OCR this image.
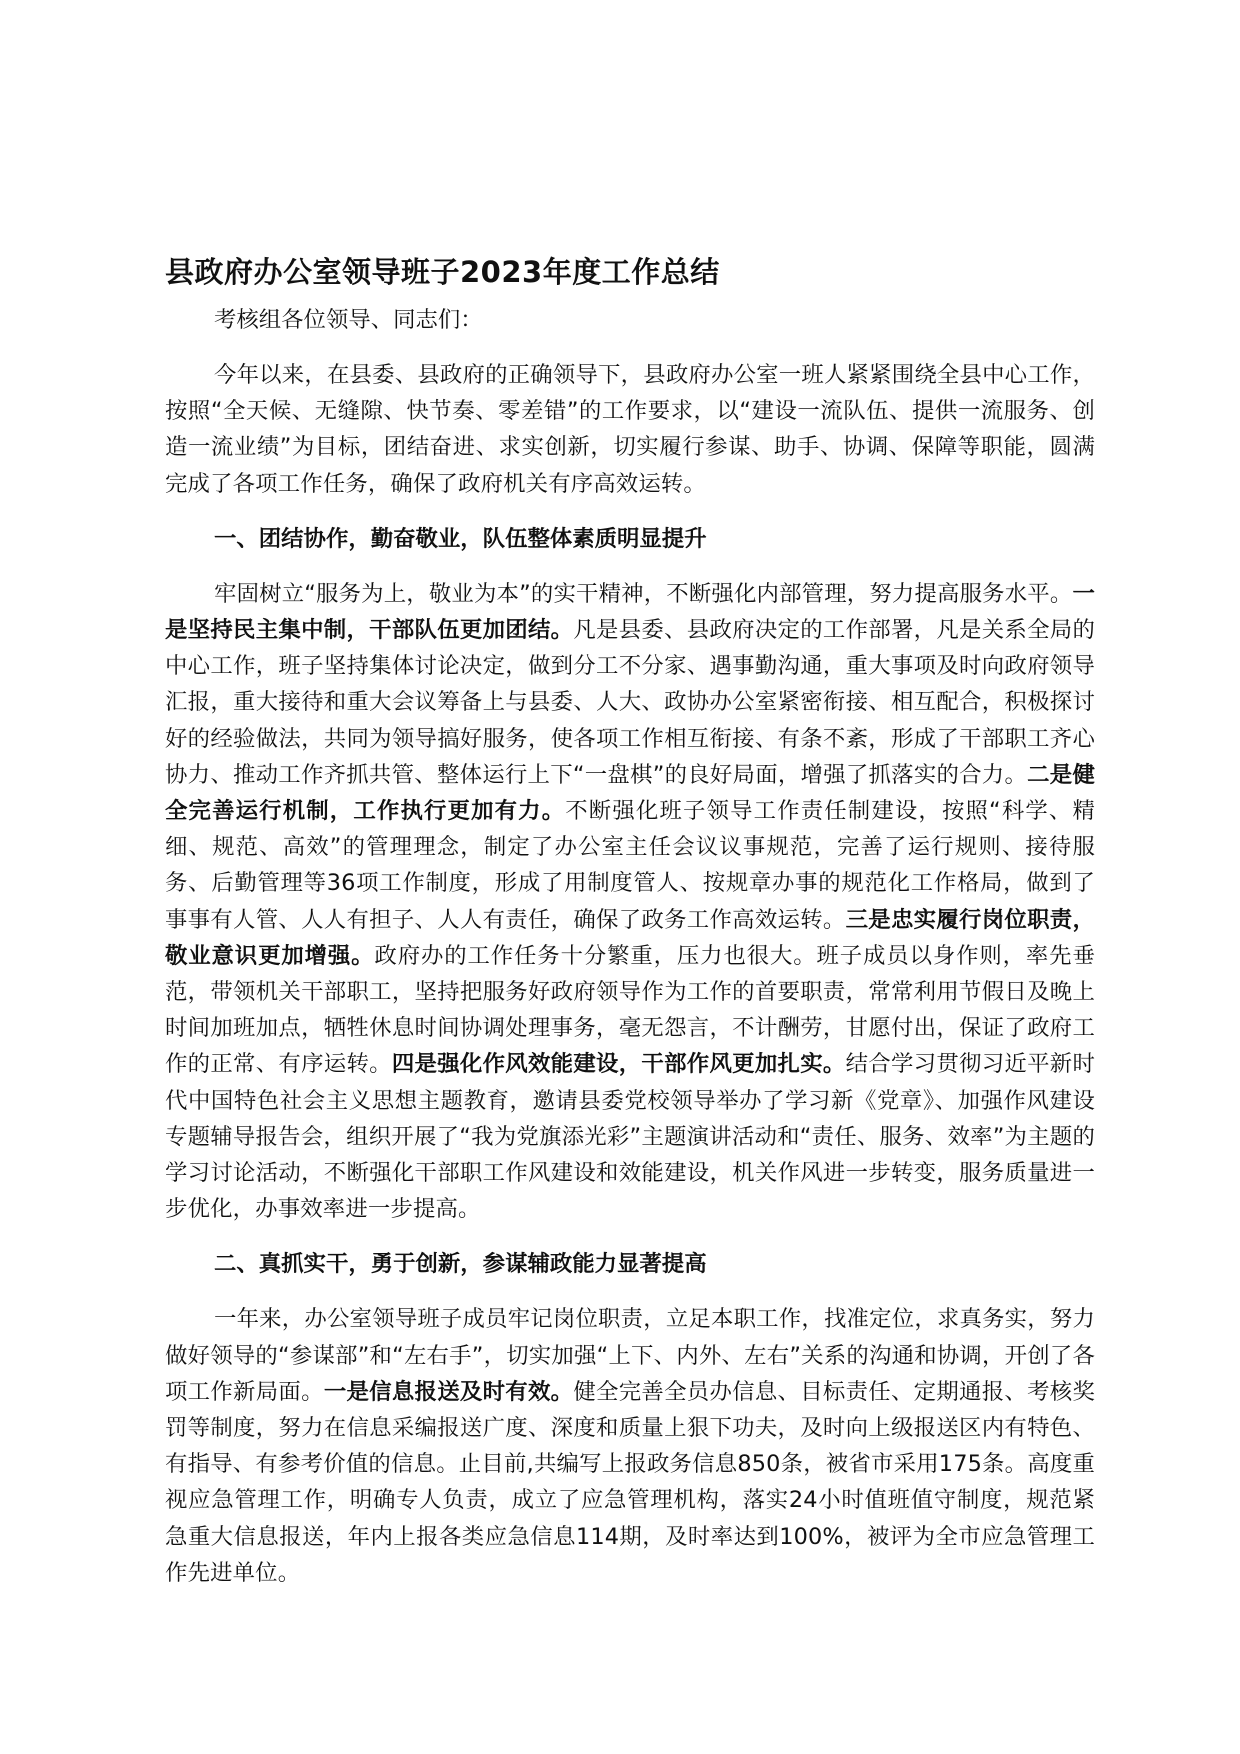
县政府办公室领导班子2023年度工作总结
考核组各位领导、同志们：

今年以来，在县委、县政府的正确领导下，县政府办公室一班人紧紧围绕全县中心工作，按照“全天候、无缝隙、快节奏、零差错”的工作要求，以“建设一流队伍、提供一流服务、创造一流业绩”为目标，团结奋进、求实创新，切实履行参谋、助手、协调、保障等职能，圆满完成了各项工作任务，确保了政府机关有序高效运转。

一、团结协作，勤奋敬业，队伍整体素质明显提升

牢固树立“服务为上，敬业为本”的实干精神，不断强化内部管理，努力提高服务水平。一是坚持民主集中制，干部队伍更加团结。凡是县委、县政府决定的工作部署，凡是关系全局的中心工作，班子坚持集体讨论决定，做到分工不分家、遇事勤沟通，重大事项及时向政府领导汇报，重大接待和重大会议筹备上与县委、人大、政协办公室紧密衔接、相互配合，积极探讨好的经验做法，共同为领导搞好服务，使各项工作相互衔接、有条不紊，形成了干部职工齐心协力、推动工作齐抓共管、整体运行上下“一盘棋”的良好局面，增强了抓落实的合力。二是健全完善运行机制，工作执行更加有力。不断强化班子领导工作责任制建设，按照“科学、精细、规范、高效”的管理理念，制定了办公室主任会议议事规范，完善了运行规则、接待服务、后勤管理等36项工作制度，形成了用制度管人、按规章办事的规范化工作格局，做到了事事有人管、人人有担子、人人有责任，确保了政务工作高效运转。三是忠实履行岗位职责，敬业意识更加增强。政府办的工作任务十分繁重，压力也很大。班子成员以身作则，率先垂范，带领机关干部职工，坚持把服务好政府领导作为工作的首要职责，常常利用节假日及晚上时间加班加点，牺牲休息时间协调处理事务，毫无怨言，不计酬劳，甘愿付出，保证了政府工作的正常、有序运转。四是强化作风效能建设，干部作风更加扎实。结合学习贯彻习近平新时代中国特色社会主义思想主题教育，邀请县委党校领导举办了学习新《党章》、加强作风建设专题辅导报告会，组织开展了“我为党旗添光彩”主题演讲活动和“责任、服务、效率”为主题的学习讨论活动，不断强化干部职工作风建设和效能建设，机关作风进一步转变，服务质量进一步优化，办事效率进一步提高。

二、真抓实干，勇于创新，参谋辅政能力显著提高

一年来，办公室领导班子成员牢记岗位职责，立足本职工作，找准定位，求真务实，努力做好领导的“参谋部”和“左右手”，切实加强“上下、内外、左右”关系的沟通和协调，开创了各项工作新局面。一是信息报送及时有效。健全完善全员办信息、目标责任、定期通报、考核奖罚等制度，努力在信息采编报送广度、深度和质量上狠下功夫，及时向上级报送区内有特色、有指导、有参考价值的信息。止目前,共编写上报政务信息850条，被省市采用175条。高度重视应急管理工作，明确专人负责，成立了应急管理机构，落实24小时值班值守制度，规范紧急重大信息报送，年内上报各类应急信息114期，及时率达到100%，被评为全市应急管理工作先进单位。
